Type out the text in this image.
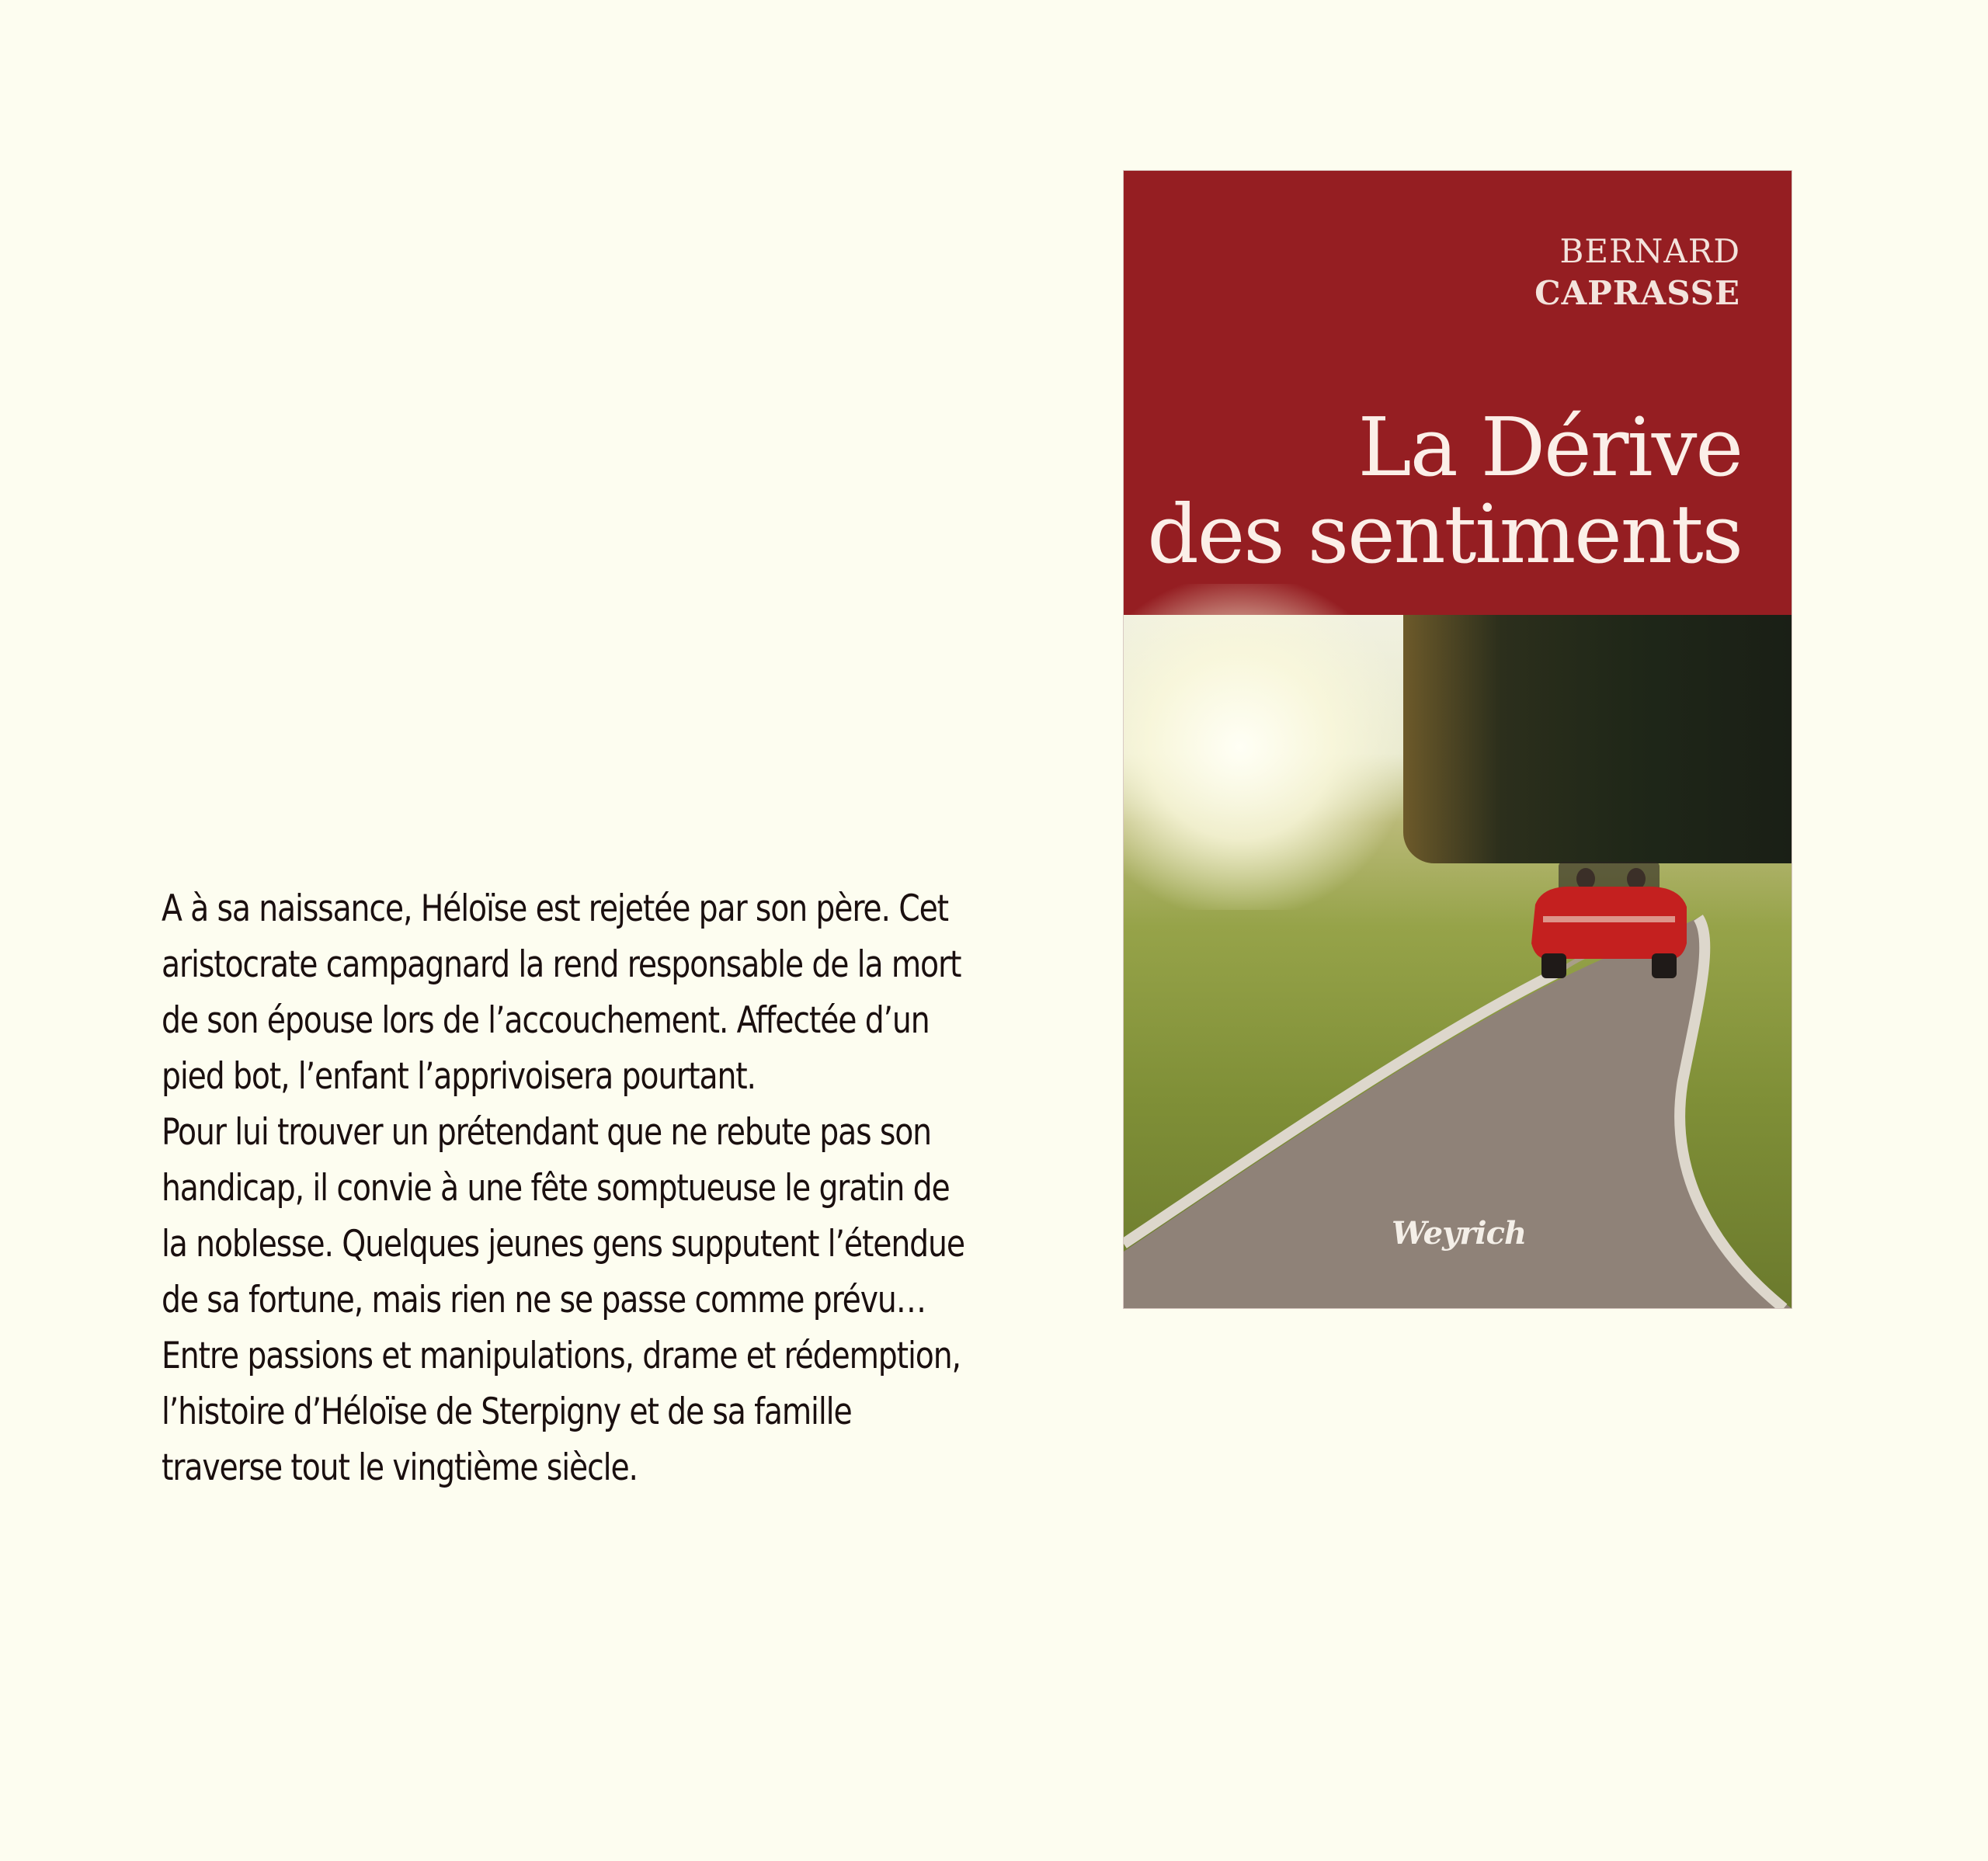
A à sa naissance, Héloïse est rejetée par son père. Cet aristocrate campagnard la rend responsable de la mort de son épouse lors de l’accouchement. Affectée d’un pied bot, l’enfant l’apprivoisera pourtant.

Pour lui trouver un prétendant que ne rebute pas son handicap, il convie à une fête somptueuse le gratin de la noblesse. Quelques jeunes gens supputent l’étendue de sa fortune, mais rien ne se passe comme prévu…

Entre passions et manipulations, drame et rédemption, l’histoire d’Héloïse de Sterpigny et de sa famille traverse tout le vingtième siècle.

BERNARD
CAPRASSE
La Dérive
des sentiments
Weyrich
